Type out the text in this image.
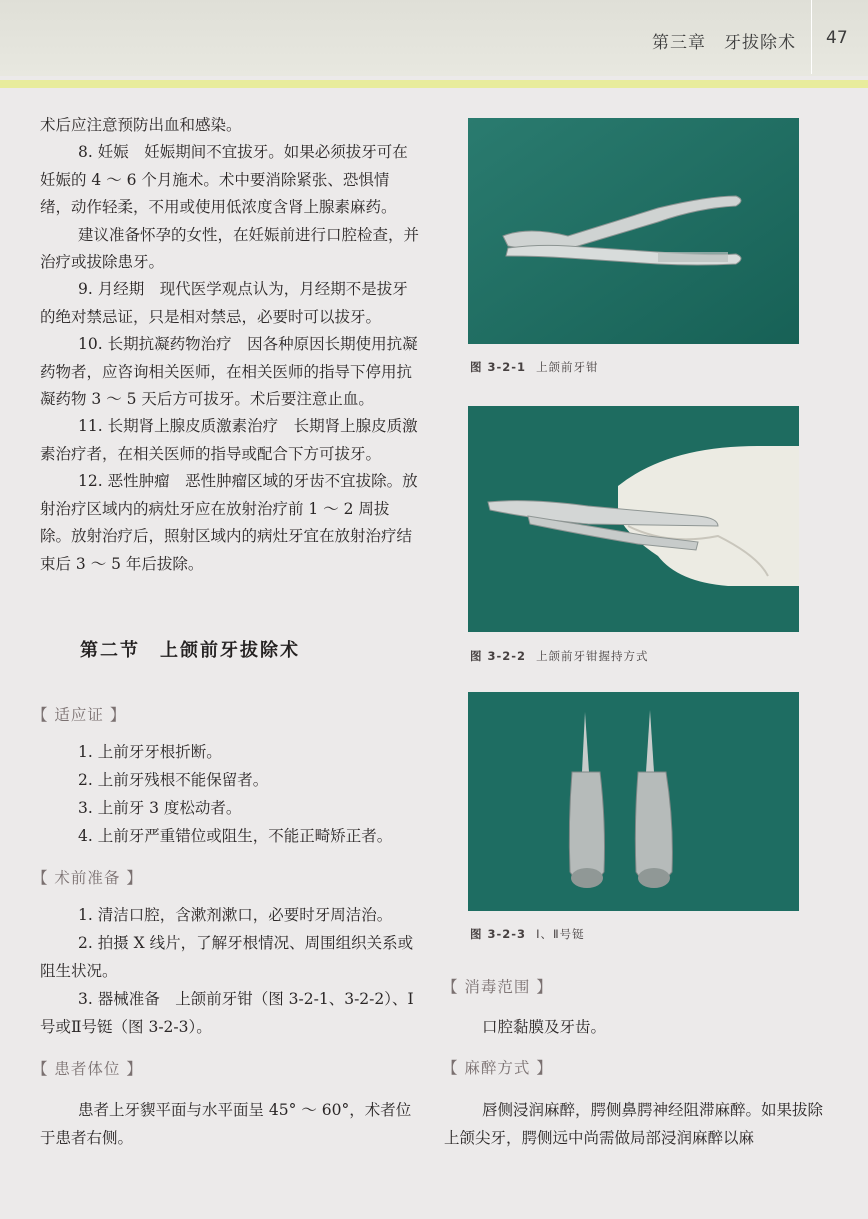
第三章　牙拔除术 47

术后应注意预防出血和感染。

8. 妊娠　妊娠期间不宜拔牙。如果必须拔牙可在妊娠的 4 ～ 6 个月施术。术中要消除紧张、恐惧情绪，动作轻柔，不用或使用低浓度含肾上腺素麻药。

建议准备怀孕的女性，在妊娠前进行口腔检查，并治疗或拔除患牙。

9. 月经期　现代医学观点认为，月经期不是拔牙的绝对禁忌证，只是相对禁忌，必要时可以拔牙。

10. 长期抗凝药物治疗　因各种原因长期使用抗凝药物者，应咨询相关医师，在相关医师的指导下停用抗凝药物 3 ～ 5 天后方可拔牙。术后要注意止血。

11. 长期肾上腺皮质激素治疗　长期肾上腺皮质激素治疗者，在相关医师的指导或配合下方可拔牙。

12. 恶性肿瘤　恶性肿瘤区域的牙齿不宜拔除。放射治疗区域内的病灶牙应在放射治疗前 1 ～ 2 周拔除。放射治疗后，照射区域内的病灶牙宜在放射治疗结束后 3 ～ 5 年后拔除。

第二节　上颌前牙拔除术
【 适应证 】
1. 上前牙牙根折断。
2. 上前牙残根不能保留者。
3. 上前牙 3 度松动者。
4. 上前牙严重错位或阻生，不能正畸矫正者。
【 术前准备 】
1. 清洁口腔，含漱剂漱口，必要时牙周洁治。
2. 拍摄 X 线片，了解牙根情况、周围组织关系或阻生状况。
3. 器械准备　上颌前牙钳（图 3-2-1、3-2-2）、Ⅰ号或Ⅱ号铤（图 3-2-3）。
【 患者体位 】
患者上牙䝟平面与水平面呈 45° ～ 60°，术者位于患者右侧。
图 3-2-1 上颌前牙钳
图 3-2-2 上颌前牙钳握持方式
图 3-2-3 Ⅰ、Ⅱ号铤
【 消毒范围 】
口腔黏膜及牙齿。
【 麻醉方式 】
唇侧浸润麻醉，腭侧鼻腭神经阻滞麻醉。如果拔除上颌尖牙，腭侧远中尚需做局部浸润麻醉以麻
